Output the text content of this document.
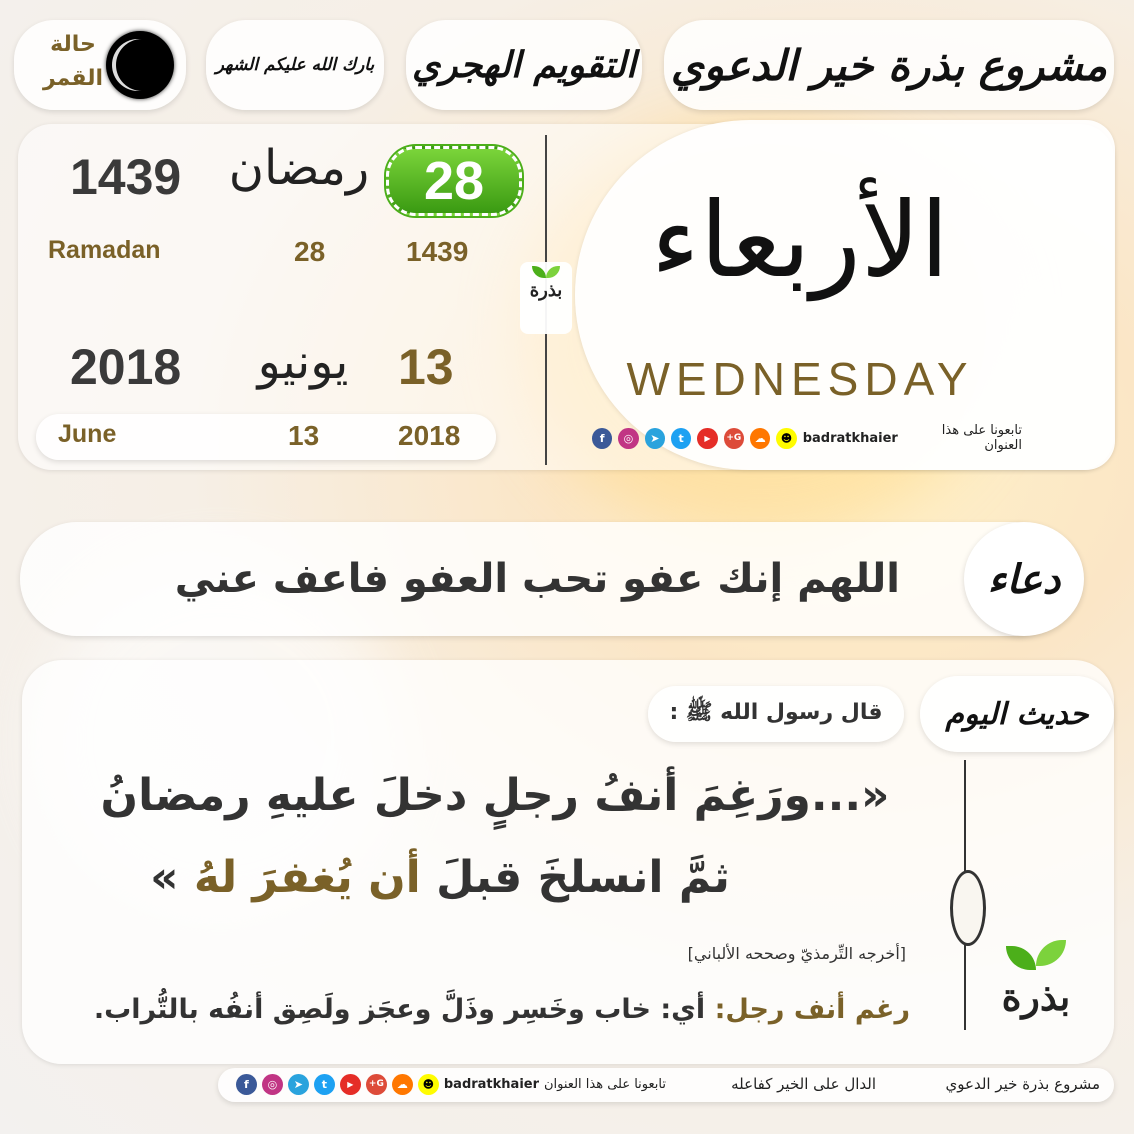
مشروع بذرة خير الدعوي
التقويم الهجري
بارك الله عليكم الشهر
حالة
القمر
28
رمضان
1439
Ramadan	28	1439
13
يونيو
2018
June	13	2018
بذرة الأربعاء
WEDNESDAY
تابعونا على هذا العنوان
badratkhaier
☻
☁
G+
▶
t
➤
◎
f
اللهم إنك عفو تحب العفو فاعف عني دعاء
حديث اليوم
قال رسول الله ﷺ :
«...ورَغِمَ أنفُ رجلٍ دخلَ عليهِ رمضانُ
ثمَّ انسلخَ قبلَ أن يُغفرَ لهُ »
[أخرجه التِّرمذيّ وصححه الألباني]
رغم أنف رجل: أي: خاب وخَسِر وذَلَّ وعجَز ولَصِق أنفُه بالتُّراب.	بذرة
مشروع بذرة خير الدعوي
الدال على الخير كفاعله
تابعونا على هذا العنوان
badratkhaier
☻
☁
G+
▶
t
➤
◎
f
